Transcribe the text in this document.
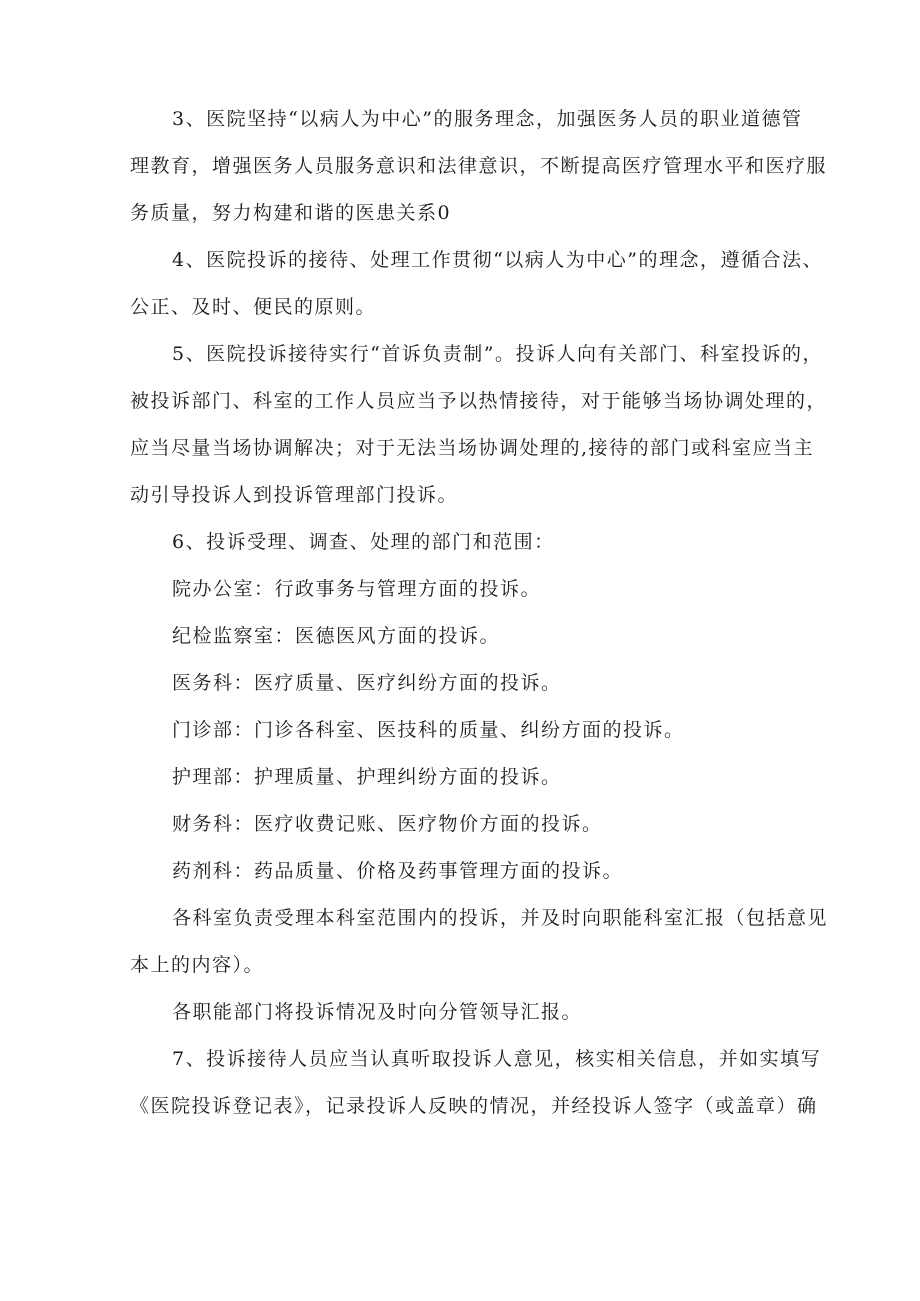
3、医院坚持“以病人为中心”的服务理念，加强医务人员的职业道德管
理教育，增强医务人员服务意识和法律意识，不断提高医疗管理水平和医疗服
务质量，努力构建和谐的医患关系0

4、医院投诉的接待、处理工作贯彻“以病人为中心”的理念，遵循合法、
公正、及时、便民的原则。

5、医院投诉接待实行“首诉负责制”。投诉人向有关部门、科室投诉的，
被投诉部门、科室的工作人员应当予以热情接待，对于能够当场协调处理的，
应当尽量当场协调解决；对于无法当场协调处理的,接待的部门或科室应当主
动引导投诉人到投诉管理部门投诉。

6、投诉受理、调查、处理的部门和范围：

院办公室：行政事务与管理方面的投诉。

纪检监察室：医德医风方面的投诉。

医务科：医疗质量、医疗纠纷方面的投诉。

门诊部：门诊各科室、医技科的质量、纠纷方面的投诉。

护理部：护理质量、护理纠纷方面的投诉。

财务科：医疗收费记账、医疗物价方面的投诉。

药剂科：药品质量、价格及药事管理方面的投诉。

各科室负责受理本科室范围内的投诉，并及时向职能科室汇报（包括意见
本上的内容）。

各职能部门将投诉情况及时向分管领导汇报。

7、投诉接待人员应当认真听取投诉人意见，核实相关信息，并如实填写
《医院投诉登记表》，记录投诉人反映的情况，并经投诉人签字（或盖章）确
